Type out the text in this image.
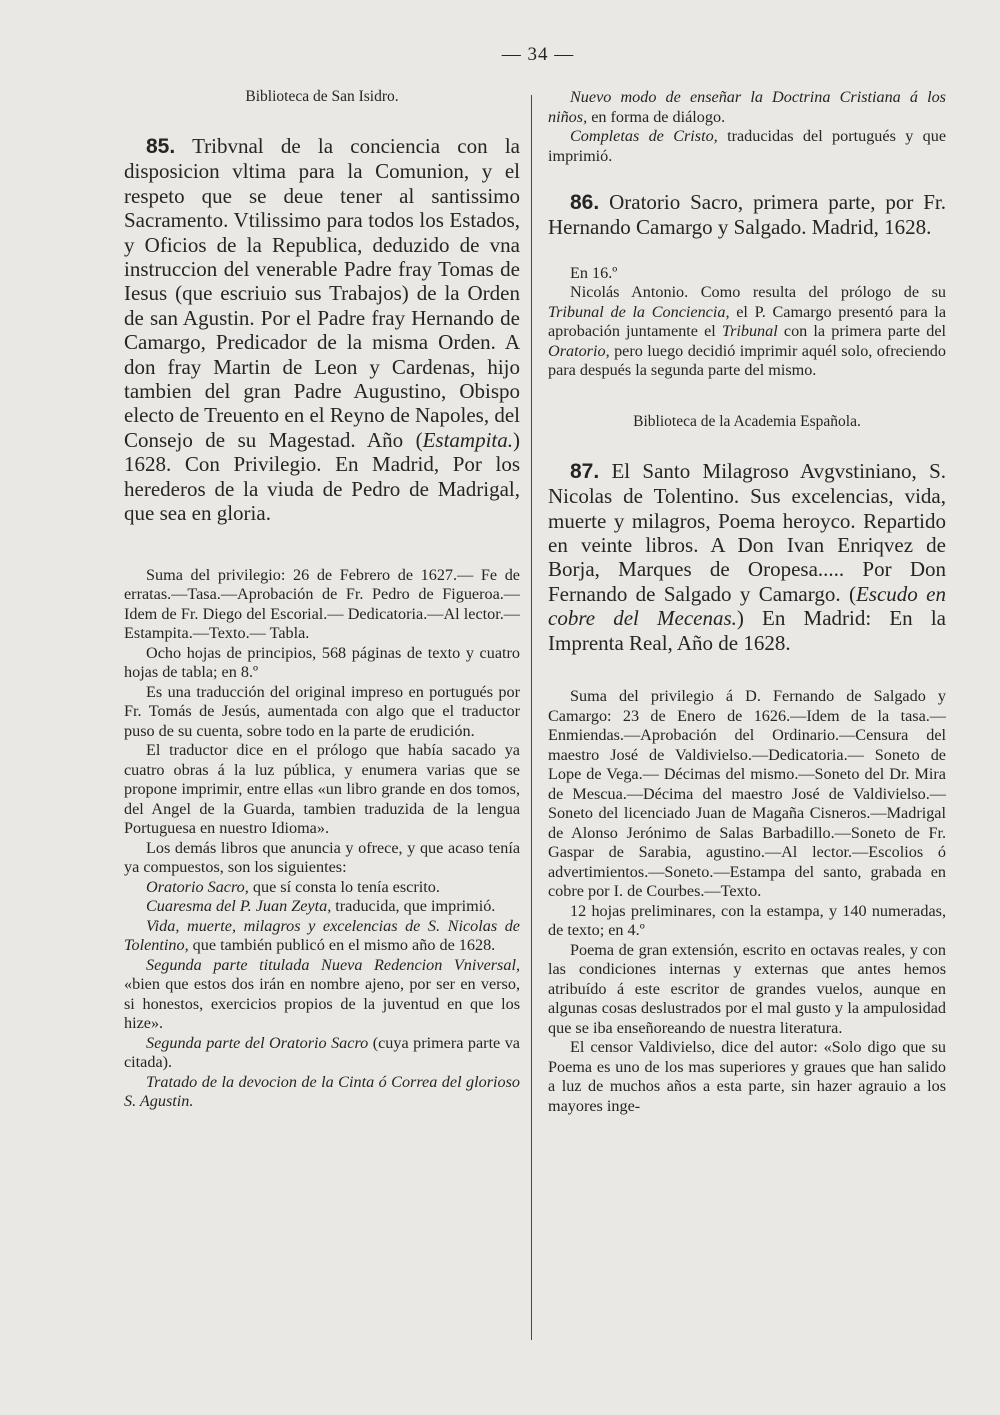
— 34 —
Biblioteca de San Isidro.

85. Tribvnal de la conciencia con la disposicion vltima para la Comunion, y el respeto que se deue tener al santissimo Sacramento. Vtilissimo para todos los Estados, y Oficios de la Republica, deduzido de vna instruccion del venerable Padre fray Tomas de Iesus (que escriuio sus Trabajos) de la Orden de san Agustin. Por el Padre fray Hernando de Camargo, Predicador de la misma Orden. A don fray Martin de Leon y Cardenas, hijo tambien del gran Padre Augustino, Obispo electo de Treuento en el Reyno de Napoles, del Consejo de su Magestad. Año (Estampita.) 1628. Con Privilegio. En Madrid, Por los herederos de la viuda de Pedro de Madrigal, que sea en gloria.

Suma del privilegio: 26 de Febrero de 1627.— Fe de erratas.—Tasa.—Aprobación de Fr. Pedro de Figueroa.—Idem de Fr. Diego del Escorial.— Dedicatoria.—Al lector.—Estampita.—Texto.— Tabla.

Ocho hojas de principios, 568 páginas de texto y cuatro hojas de tabla; en 8.º

Es una traducción del original impreso en portugués por Fr. Tomás de Jesús, aumentada con algo que el traductor puso de su cuenta, sobre todo en la parte de erudición.

El traductor dice en el prólogo que había sacado ya cuatro obras á la luz pública, y enumera varias que se propone imprimir, entre ellas «un libro grande en dos tomos, del Angel de la Guarda, tambien traduzida de la lengua Portuguesa en nuestro Idioma».

Los demás libros que anuncia y ofrece, y que acaso tenía ya compuestos, son los siguientes:

Oratorio Sacro, que sí consta lo tenía escrito.

Cuaresma del P. Juan Zeyta, traducida, que imprimió.

Vida, muerte, milagros y excelencias de S. Nicolas de Tolentino, que también publicó en el mismo año de 1628.

Segunda parte titulada Nueva Redencion Vniversal, «bien que estos dos irán en nombre ajeno, por ser en verso, si honestos, exercicios propios de la juventud en que los hize».

Segunda parte del Oratorio Sacro (cuya primera parte va citada).

Tratado de la devocion de la Cinta ó Correa del glorioso S. Agustin.

Nuevo modo de enseñar la Doctrina Cristiana á los niños, en forma de diálogo.

Completas de Cristo, traducidas del portugués y que imprimió.

86. Oratorio Sacro, primera parte, por Fr. Hernando Camargo y Salgado. Madrid, 1628.

En 16.º

Nicolás Antonio. Como resulta del prólogo de su Tribunal de la Conciencia, el P. Camargo presentó para la aprobación juntamente el Tribunal con la primera parte del Oratorio, pero luego decidió imprimir aquél solo, ofreciendo para después la segunda parte del mismo.

Biblioteca de la Academia Española.

87. El Santo Milagroso Avgvstiniano, S. Nicolas de Tolentino. Sus excelencias, vida, muerte y milagros, Poema heroyco. Repartido en veinte libros. A Don Ivan Enriqvez de Borja, Marques de Oropesa..... Por Don Fernando de Salgado y Camargo. (Escudo en cobre del Mecenas.) En Madrid: En la Imprenta Real, Año de 1628.

Suma del privilegio á D. Fernando de Salgado y Camargo: 23 de Enero de 1626.—Idem de la tasa.—Enmiendas.—Aprobación del Ordinario.—Censura del maestro José de Valdivielso.—Dedicatoria.— Soneto de Lope de Vega.— Décimas del mismo.—Soneto del Dr. Mira de Mescua.—Décima del maestro José de Valdivielso.—Soneto del licenciado Juan de Magaña Cisneros.—Madrigal de Alonso Jerónimo de Salas Barbadillo.—Soneto de Fr. Gaspar de Sarabia, agustino.—Al lector.—Escolios ó advertimientos.—Soneto.—Estampa del santo, grabada en cobre por I. de Courbes.—Texto.

12 hojas preliminares, con la estampa, y 140 numeradas, de texto; en 4.º

Poema de gran extensión, escrito en octavas reales, y con las condiciones internas y externas que antes hemos atribuído á este escritor de grandes vuelos, aunque en algunas cosas deslustrados por el mal gusto y la ampulosidad que se iba enseñoreando de nuestra literatura.

El censor Valdivielso, dice del autor: «Solo digo que su Poema es uno de los mas superiores y graues que han salido a luz de muchos años a esta parte, sin hazer agrauio a los mayores inge-
